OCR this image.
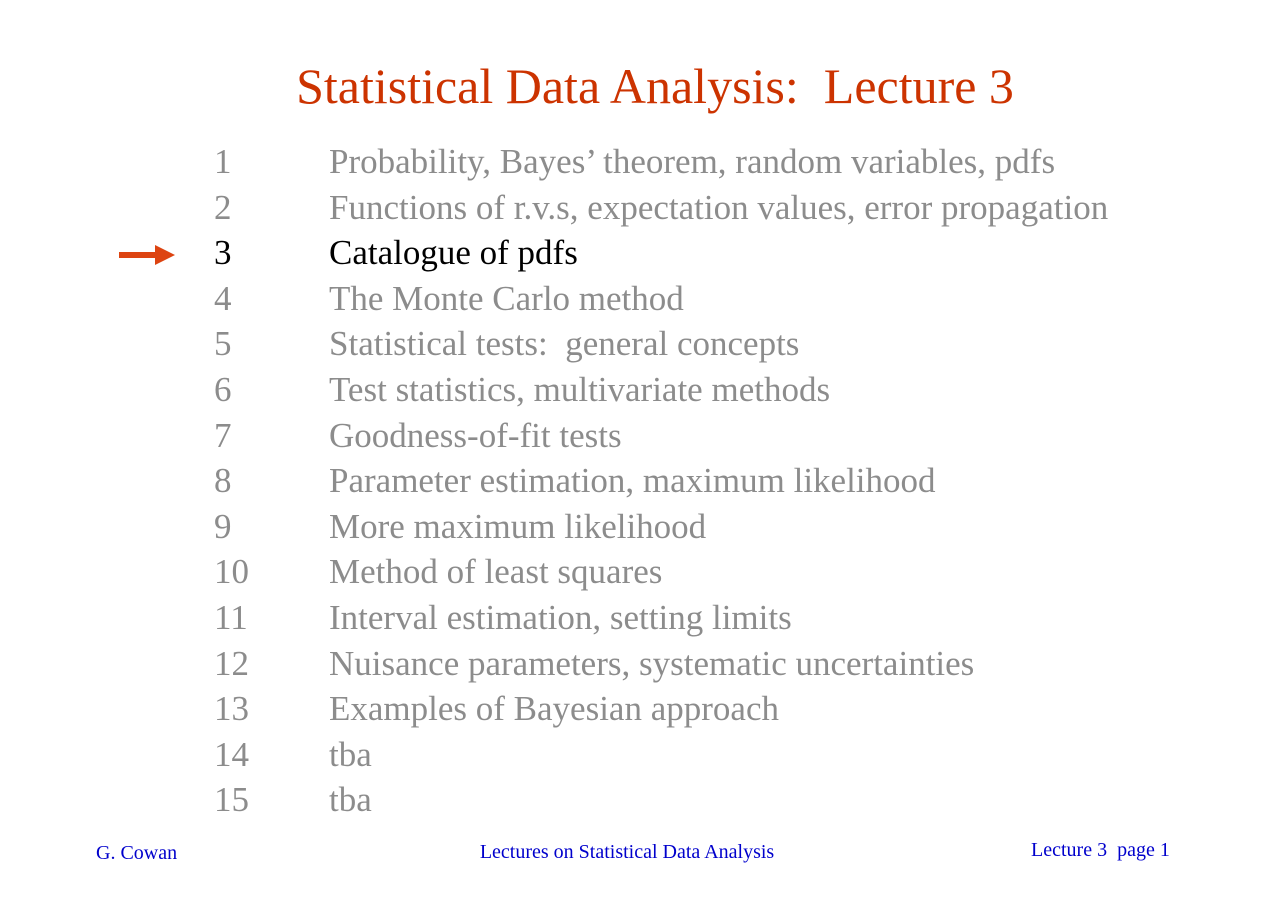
Statistical Data Analysis:  Lecture 3
1	Probability, Bayes’ theorem, random variables, pdfs
2	Functions of r.v.s, expectation values, error propagation
3	Catalogue of pdfs
4	The Monte Carlo method
5	Statistical tests:  general concepts
6	Test statistics, multivariate methods
7	Goodness-of-fit tests
8	Parameter estimation, maximum likelihood
9	More maximum likelihood
10 Method of least squares
11 Interval estimation, setting limits
12 Nuisance parameters, systematic uncertainties
13 Examples of Bayesian approach
14 tba
15 tba
G. Cowan	Lectures on Statistical Data Analysis	Lecture 3  page 1
